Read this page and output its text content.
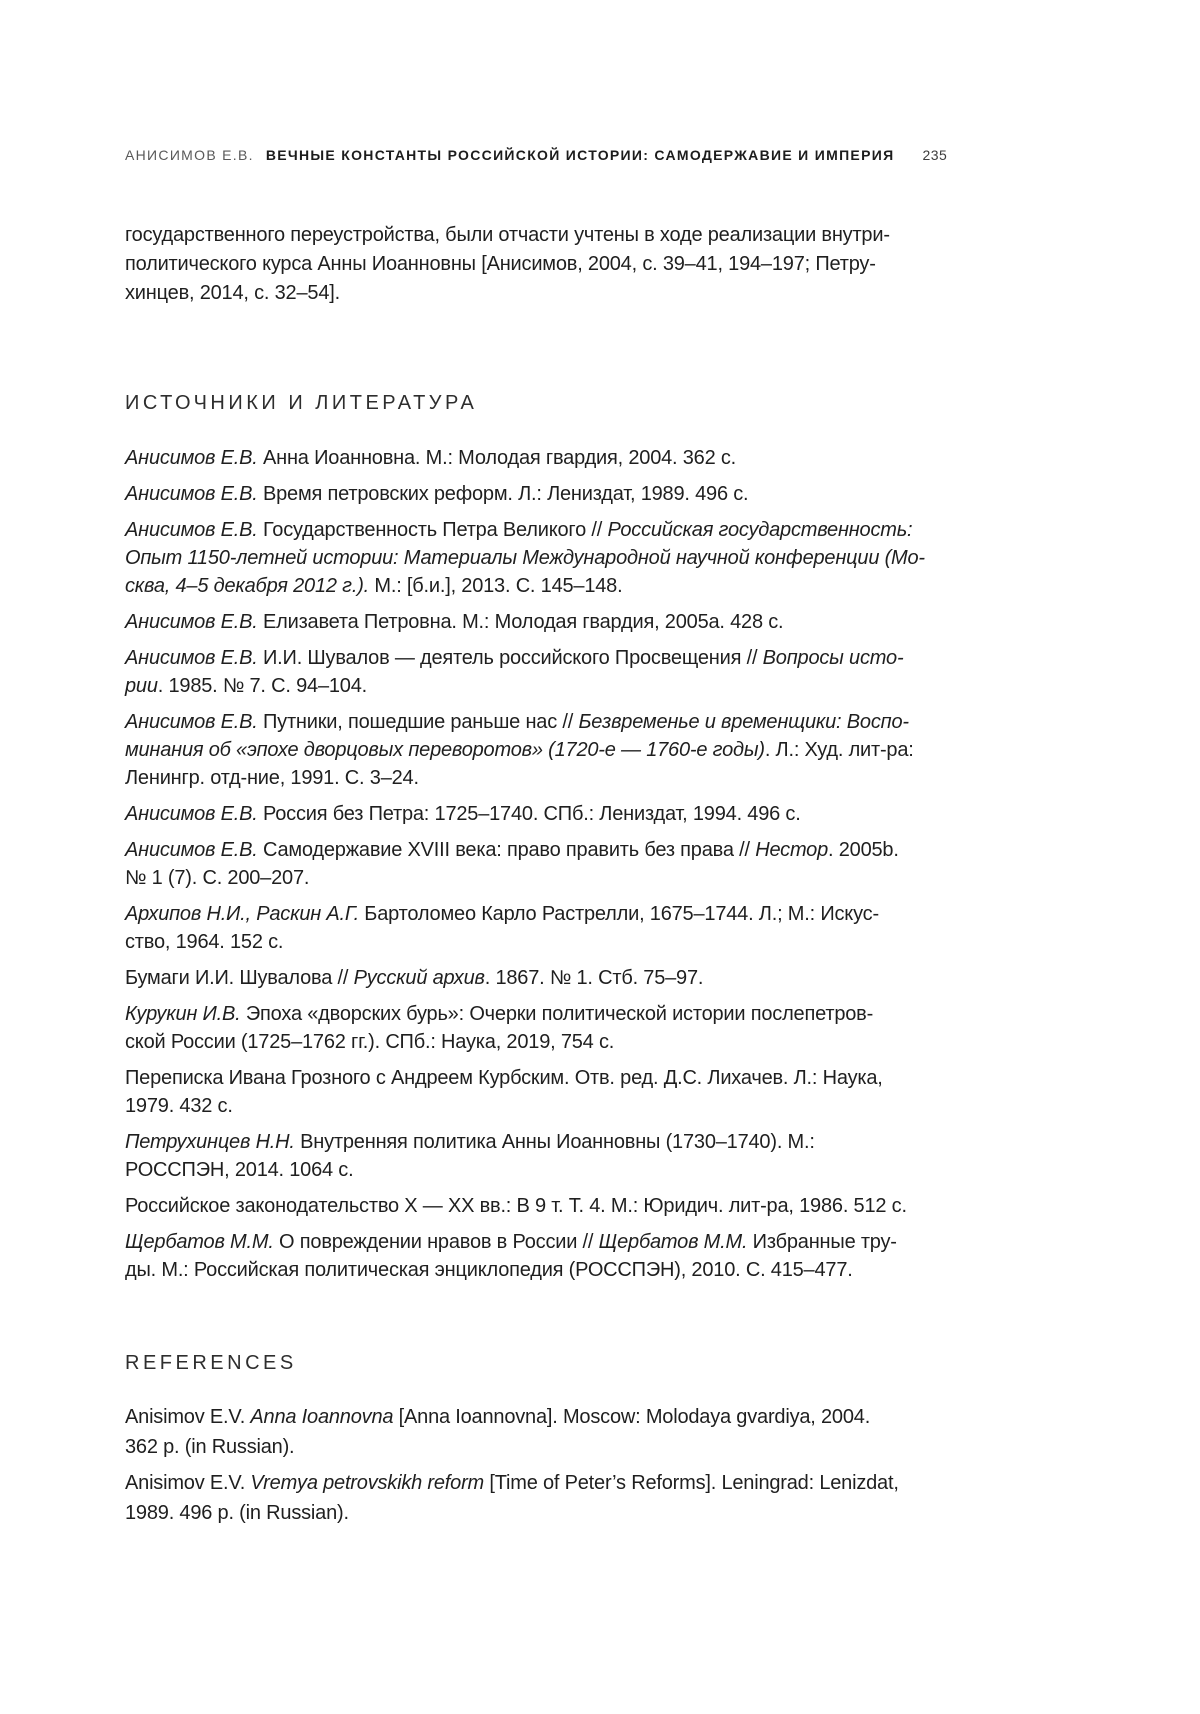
АНИСИМОВ Е.В. ВЕЧНЫЕ КОНСТАНТЫ РОССИЙСКОЙ ИСТОРИИ: САМОДЕРЖАВИЕ И ИМПЕРИЯ 235
государственного переустройства, были отчасти учтены в ходе реализации внутри-
политического курса Анны Иоанновны [Анисимов, 2004, с. 39–41, 194–197; Петру-
хинцев, 2014, с. 32–54].
ИСТОЧНИКИ И ЛИТЕРАТУРА

Анисимов Е.В. Анна Иоанновна. М.: Молодая гвардия, 2004. 362 с.

Анисимов Е.В. Время петровских реформ. Л.: Лениздат, 1989. 496 с.

Анисимов Е.В. Государственность Петра Великого // Российская государственность:
Опыт 1150-летней истории: Материалы Международной научной конференции (Мо-
сква, 4–5 декабря 2012 г.). М.: [б.и.], 2013. С. 145–148.

Анисимов Е.В. Елизавета Петровна. М.: Молодая гвардия, 2005a. 428 с.

Анисимов Е.В. И.И. Шувалов — деятель российского Просвещения // Вопросы исто-
рии. 1985. № 7. С. 94–104.

Анисимов Е.В. Путники, пошедшие раньше нас // Безвременье и временщики: Воспо-
минания об «эпохе дворцовых переворотов» (1720-е — 1760-е годы). Л.: Худ. лит-ра:
Ленингр. отд-ние, 1991. С. 3–24.

Анисимов Е.В. Россия без Петра: 1725–1740. СПб.: Лениздат, 1994. 496 с.

Анисимов Е.В. Самодержавие XVIII века: право править без права // Нестор. 2005b.
№ 1 (7). С. 200–207.

Архипов Н.И., Раскин А.Г. Бартоломео Карло Растрелли, 1675–1744. Л.; М.: Искус-
ство, 1964. 152 с.

Бумаги И.И. Шувалова // Русский архив. 1867. № 1. Стб. 75–97.

Курукин И.В. Эпоха «дворских бурь»: Очерки политической истории послепетров-
ской России (1725–1762 гг.). СПб.: Наука, 2019, 754 с.

Переписка Ивана Грозного с Андреем Курбским. Отв. ред. Д.С. Лихачев. Л.: Наука,
1979. 432 с.

Петрухинцев Н.Н. Внутренняя политика Анны Иоанновны (1730–1740). М.:
РОССПЭН, 2014. 1064 с.

Российское законодательство X — XX вв.: В 9 т. Т. 4. М.: Юридич. лит-ра, 1986. 512 с.

Щербатов М.М. О повреждении нравов в России // Щербатов М.М. Избранные тру-
ды. М.: Российская политическая энциклопедия (РОССПЭН), 2010. С. 415–477.

REFERENCES

Anisimov E.V. Anna Ioannovna [Anna Ioannovna]. Moscow: Molodaya gvardiya, 2004.
362 p. (in Russian).

Anisimov E.V. Vremya petrovskikh reform [Time of Peter’s Reforms]. Leningrad: Lenizdat,
1989. 496 p. (in Russian).
